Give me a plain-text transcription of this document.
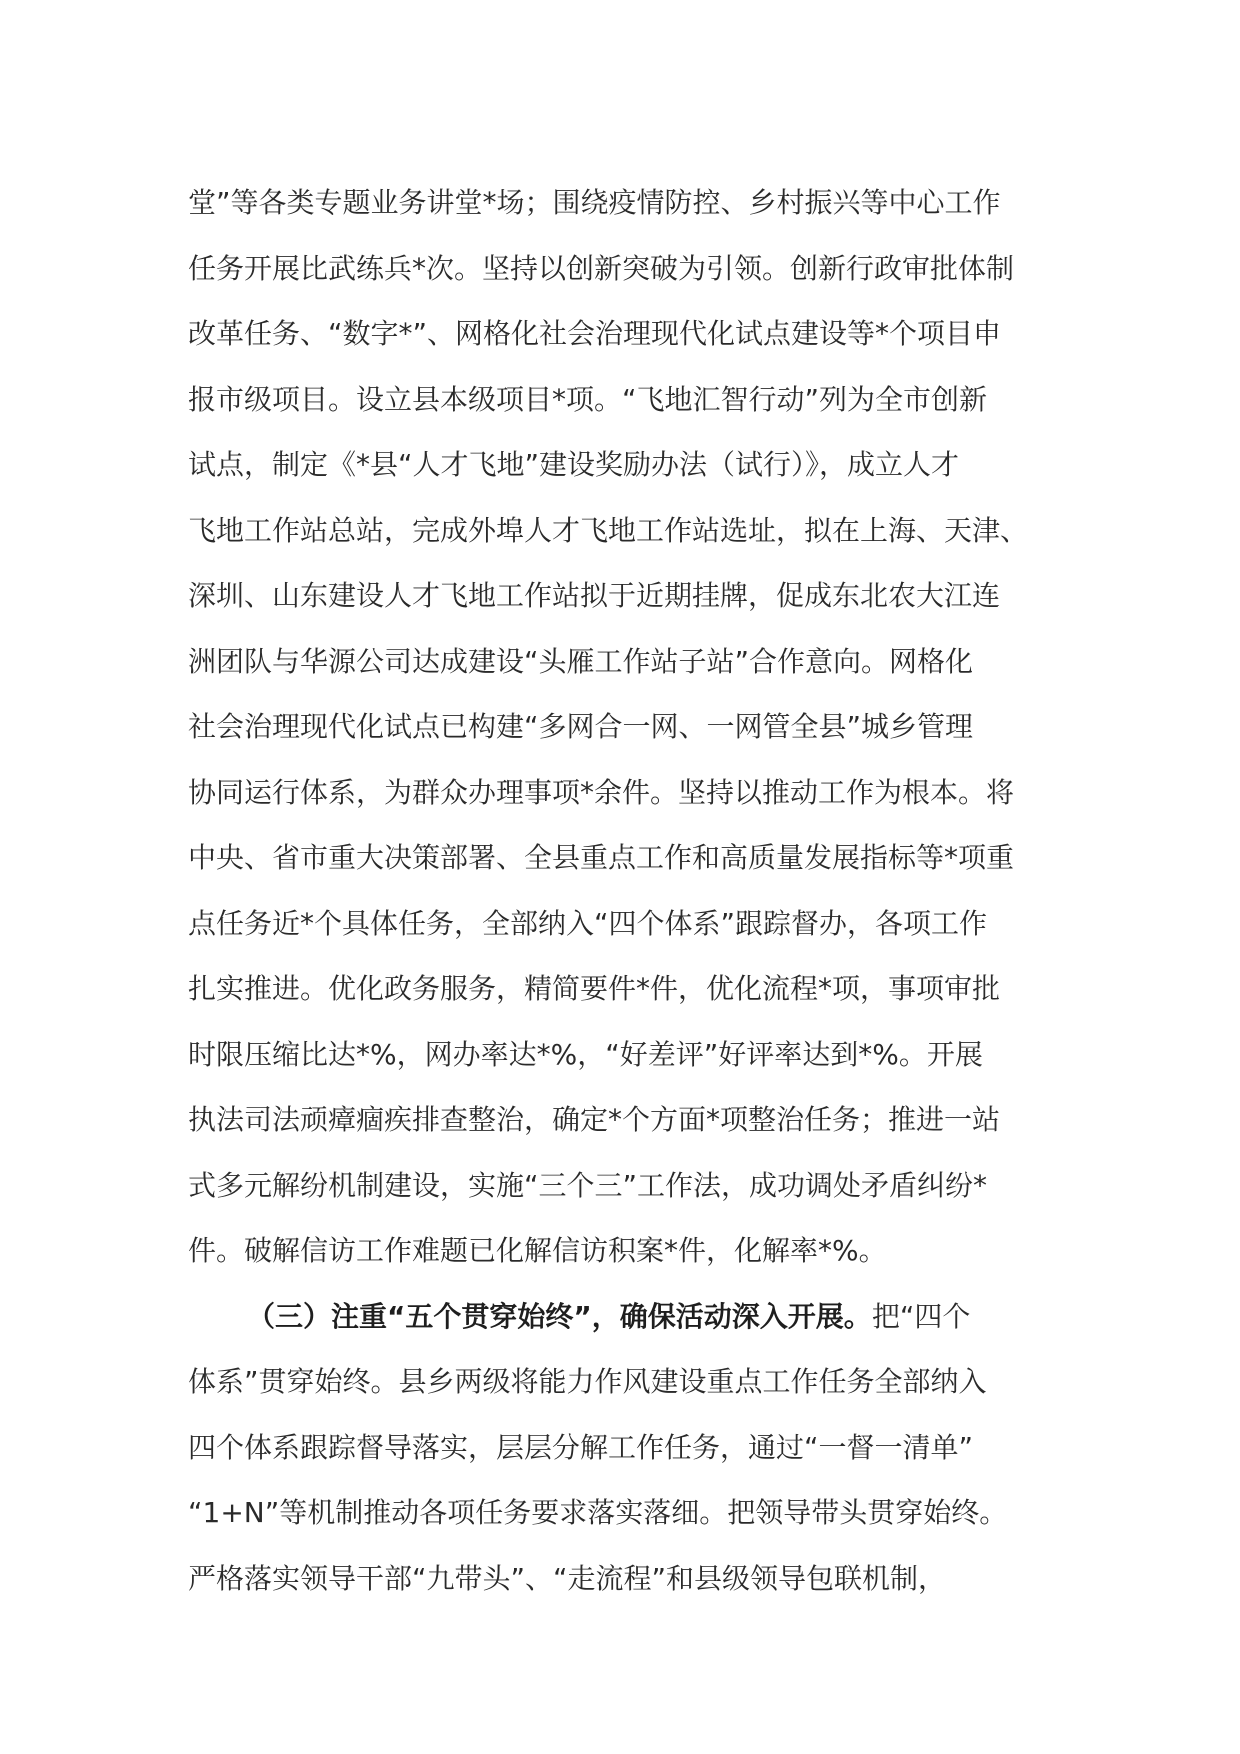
堂”等各类专题业务讲堂*场；围绕疫情防控、乡村振兴等中心工作
任务开展比武练兵*次。坚持以创新突破为引领。创新行政审批体制
改革任务、“数字*”、网格化社会治理现代化试点建设等*个项目申
报市级项目。设立县本级项目*项。“飞地汇智行动”列为全市创新
试点，制定《*县“人才飞地”建设奖励办法（试行）》，成立人才
飞地工作站总站，完成外埠人才飞地工作站选址，拟在上海、天津、
深圳、山东建设人才飞地工作站拟于近期挂牌，促成东北农大江连
洲团队与华源公司达成建设“头雁工作站子站”合作意向。网格化
社会治理现代化试点已构建“多网合一网、一网管全县”城乡管理
协同运行体系，为群众办理事项*余件。坚持以推动工作为根本。将
中央、省市重大决策部署、全县重点工作和高质量发展指标等*项重
点任务近*个具体任务，全部纳入“四个体系”跟踪督办，各项工作
扎实推进。优化政务服务，精简要件*件，优化流程*项，事项审批
时限压缩比达*%，网办率达*%，“好差评”好评率达到*%。开展
执法司法顽瘴痼疾排查整治，确定*个方面*项整治任务；推进一站
式多元解纷机制建设，实施“三个三”工作法，成功调处矛盾纠纷*
件。破解信访工作难题已化解信访积案*件，化解率*%。
（三）注重“五个贯穿始终”，确保活动深入开展。把“四个
体系”贯穿始终。县乡两级将能力作风建设重点工作任务全部纳入
四个体系跟踪督导落实，层层分解工作任务，通过“一督一清单”
“1+N”等机制推动各项任务要求落实落细。把领导带头贯穿始终。
严格落实领导干部“九带头”、“走流程”和县级领导包联机制，
